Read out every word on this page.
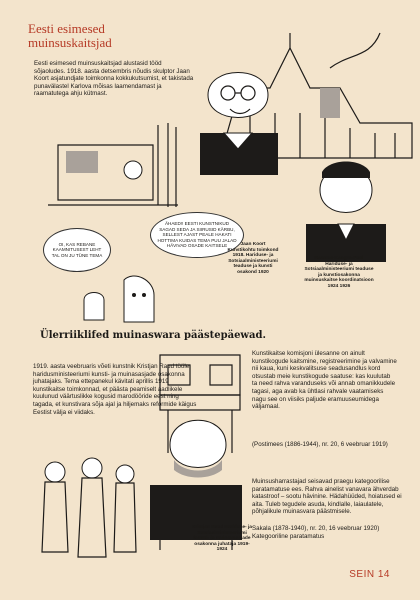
Eesti esimesed muinsuskaitsjad
Eesti esimesed muinsuskaitsjad alustasid tööd sõjaoludes. 1918. aasta detsembris nõudis skulptor Jaan Koort asjatundjate toimkonna kokkukutsumist, et takistada punavälastel Karlova mõisas laamendamast ja raamatutega ahju kütmast.
OI, KAS REBANE KAAMNITUSEST LEHT TAL ON JU TÜNE TEMA
ÄHAED!! EESTI KUNSTNIKUD SAGAD SEDA JA SIIRUSID KÄRBU, SELLEST AJAST PEALE HAKATI HOTTIMA KUIDAS TEMA PUU JALAD HÄVIVAD OSADE KAITSELE	Jaan Koort Kunstikohtu toimkond 1918. Hariduse- ja Sotsiaalministeeriumi teaduse ja kunsti osakond 1920
Rasmus Kangro-Pool Hariduse- ja Sotsiaalministeeriumi teaduse ja kunstiosakonna muinsuskaitse koordinatsioon 1924 1926
Kristjan Raud Hariduse- ja Sotsiaalministeeriumi kunsti- ja muinsusasjade osakonna juhataja 1919-1924
Ülerriiklifed muinaswara päästepäewad.
1919. aasta veebruaris võeti kunstnik Kristjan Raud tööle haridusministeeriumi kunsti- ja muinasasjade osakonna juhatajaks. Tema ettepanekul kävitati aprillis 1919 kunstikaitse toimkonnad, et päästa peamiselt aadlikele kuulunud väärtuslikke kogusid marodööride eest ning tagada, et kunstivara sõja ajal ja hiljemaks reformide käigus Eestist välja ei viidaks.
Kunstikaitse komisjoni ülesanne on ainult kunstikogude kaitsmine, registreerimine ja valvamine nii kaua, kuni keskvalitsuse seadusandlus kord otsustab meie kunstikogude saatuse: kas kuulutab ta need rahva varanduseks või annab omanikkudele tagasi, aga avab ka ühtlasi rahvale vaatamiseks nagu see on viisiks paljude eramuuseumidega väljamaal.
(Postimees (1886-1944), nr. 20, 6 veebruar 1919)
Muinsusharrastajad seisavad praegu kategoorilise paratamatuse ees. Rahva ainelist vanavara ähverdab katastroof – sootu hävinine. Hädahüüded, hoiatused ei aita. Tuleb tegudele asuda, kindlalle, laiaulatele, põhjalikule muinasvara päästmisele.
Sakala (1878-1940), nr. 20, 16 veebruar 1920) Kategooriline paratamatus
SEIN 14
